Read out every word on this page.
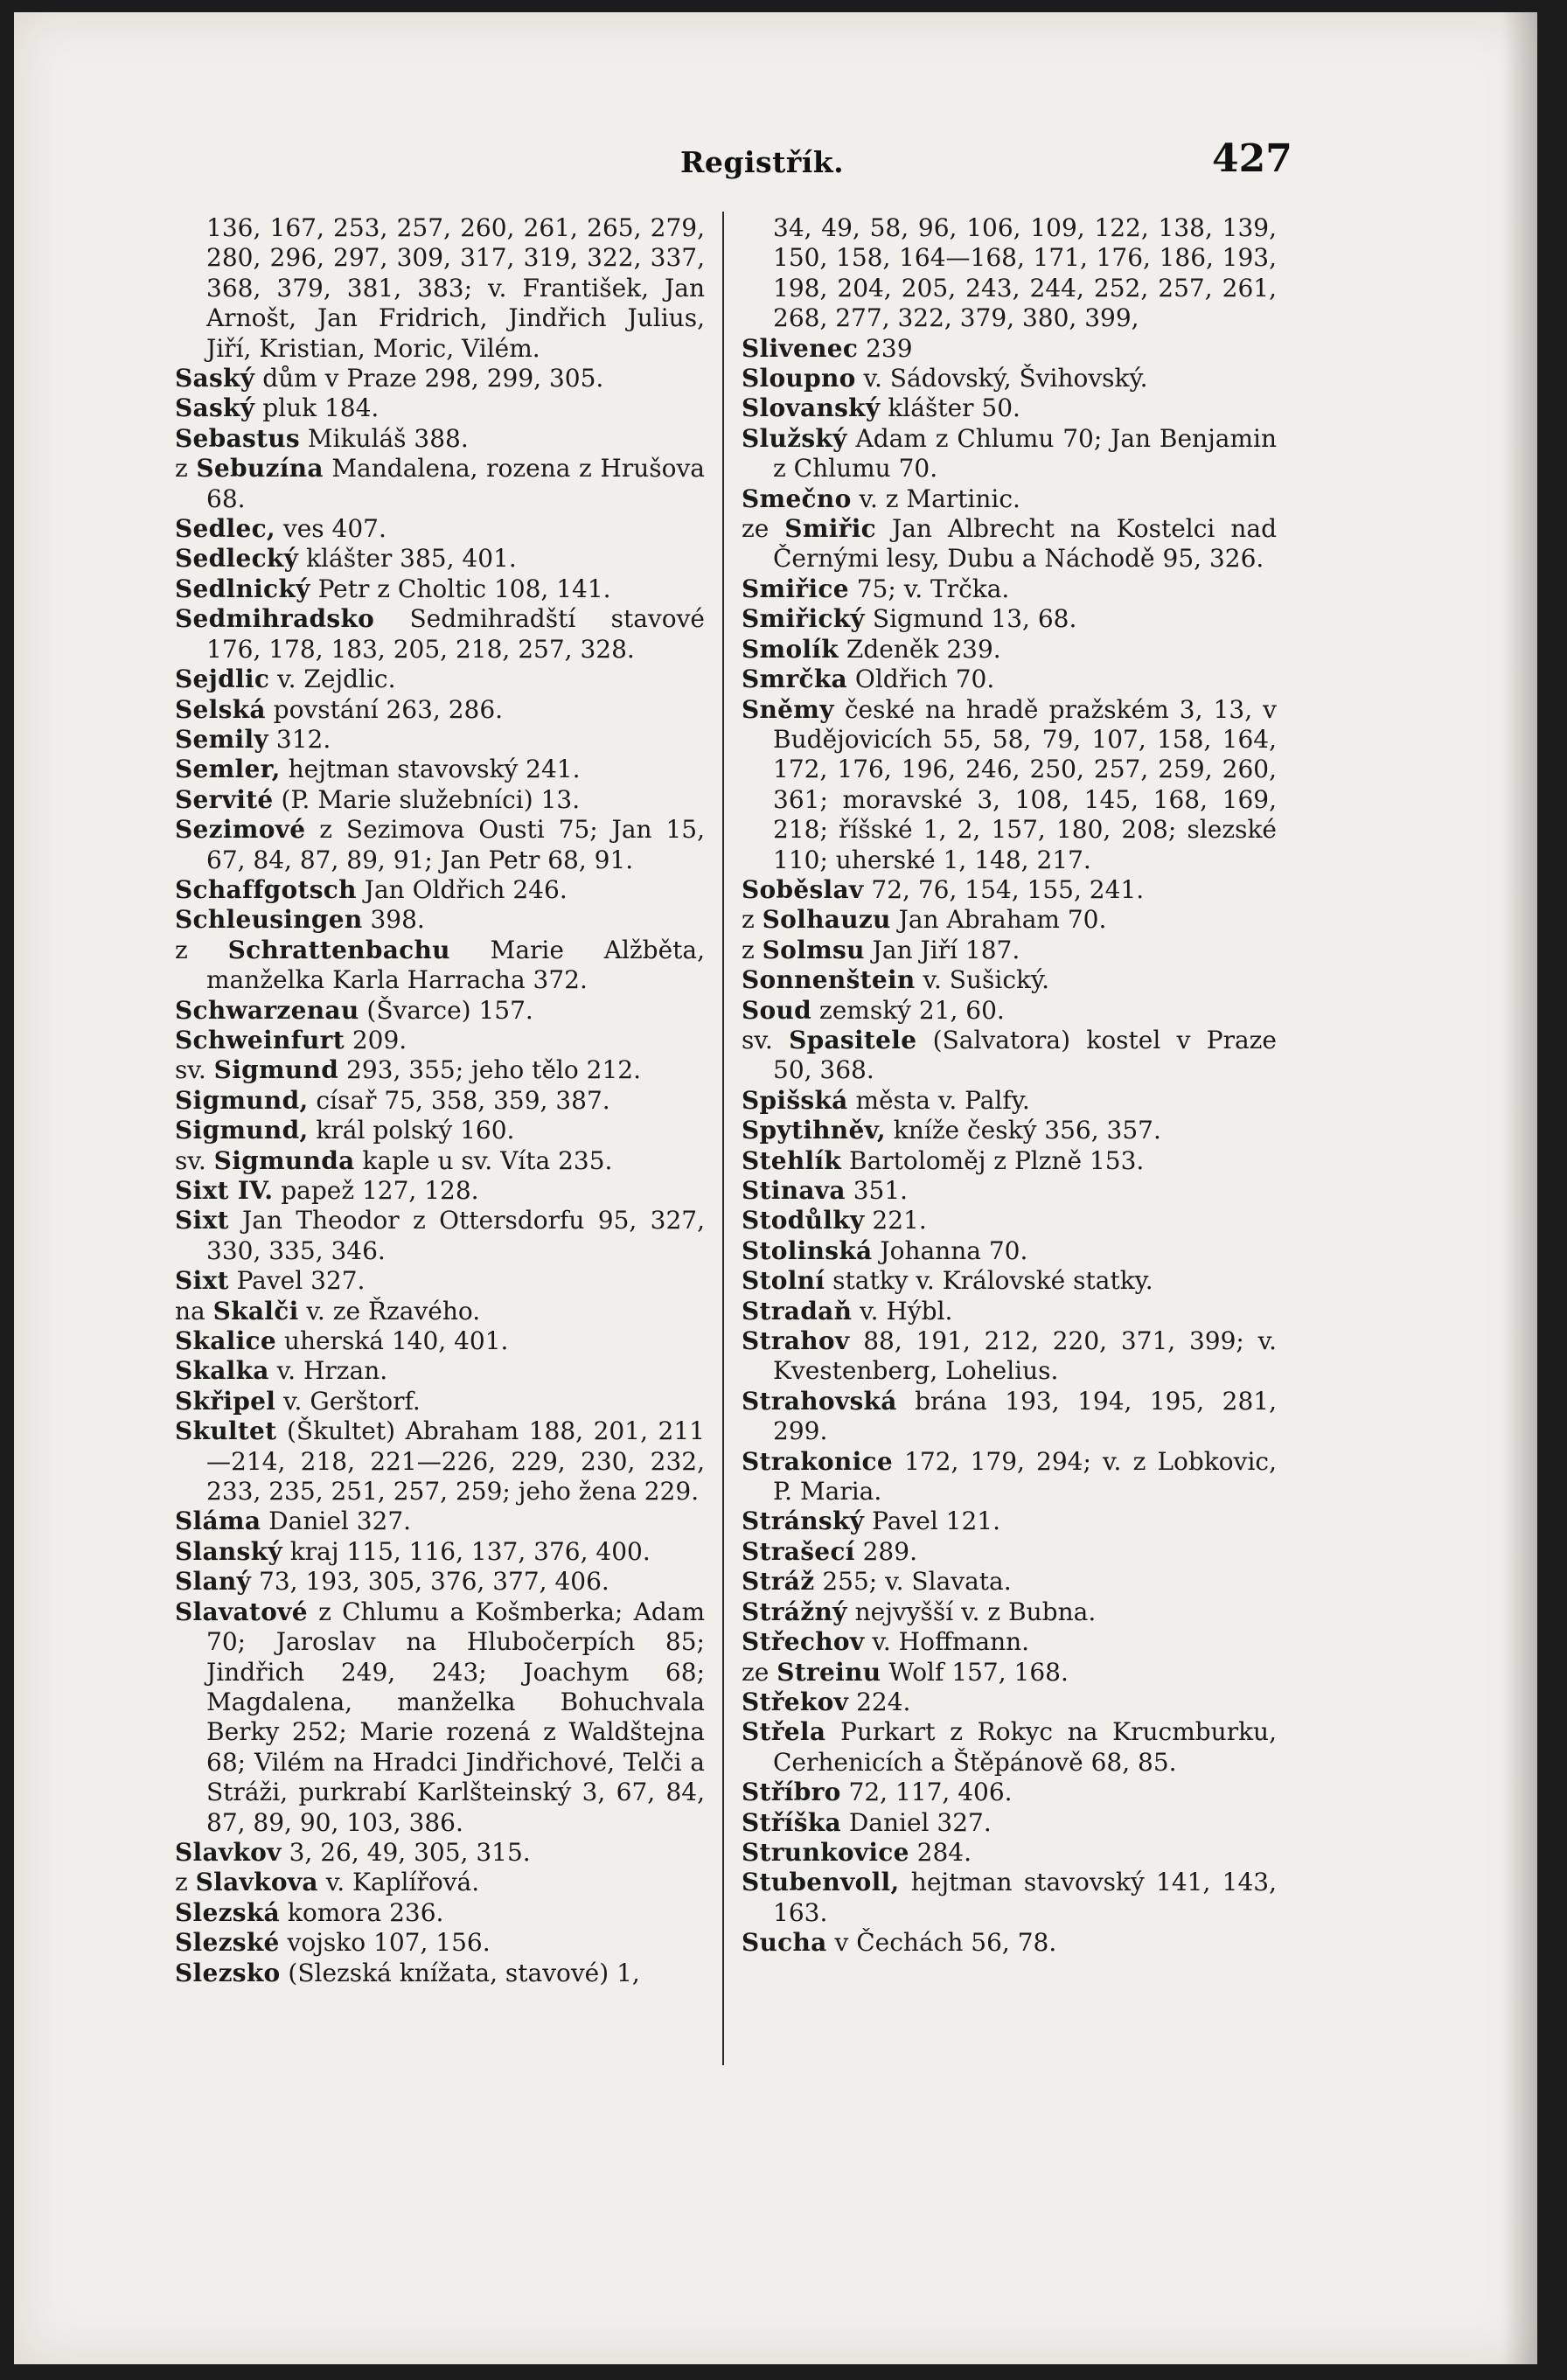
Registřík.	427

136, 167, 253, 257, 260, 261, 265, 279, 280, 296, 297, 309, 317, 319, 322, 337, 368, 379, 381, 383; v. František, Jan Arnošt, Jan Fridrich, Jindřich Julius, Jiří, Kristian, Moric, Vilém.

Saský dům v Praze 298, 299, 305.

Saský pluk 184.

Sebastus Mikuláš 388.

z Sebuzína Mandalena, rozena z Hrušova 68.

Sedlec, ves 407.

Sedlecký klášter 385, 401.

Sedlnický Petr z Choltic 108, 141.

Sedmihradsko Sedmihradští stavové 176, 178, 183, 205, 218, 257, 328.

Sejdlic v. Zejdlic.

Selská povstání 263, 286.

Semily 312.

Semler, hejtman stavovský 241.

Servité (P. Marie služebníci) 13.

Sezimové z Sezimova Ousti 75; Jan 15, 67, 84, 87, 89, 91; Jan Petr 68, 91.

Schaffgotsch Jan Oldřich 246.

Schleusingen 398.

z Schrattenbachu Marie Alžběta, manželka Karla Harracha 372.

Schwarzenau (Švarce) 157.

Schweinfurt 209.

sv. Sigmund 293, 355; jeho tělo 212.

Sigmund, císař 75, 358, 359, 387.

Sigmund, král polský 160.

sv. Sigmunda kaple u sv. Víta 235.

Sixt IV. papež 127, 128.

Sixt Jan Theodor z Ottersdorfu 95, 327, 330, 335, 346.

Sixt Pavel 327.

na Skalči v. ze Řzavého.

Skalice uherská 140, 401.

Skalka v. Hrzan.

Skřipel v. Gerštorf.

Skultet (Škultet) Abraham 188, 201, 211—214, 218, 221—226, 229, 230, 232, 233, 235, 251, 257, 259; jeho žena 229.

Sláma Daniel 327.

Slanský kraj 115, 116, 137, 376, 400.

Slaný 73, 193, 305, 376, 377, 406.

Slavatové z Chlumu a Košmberka; Adam 70; Jaroslav na Hlubočerpích 85; Jindřich 249, 243; Joachym 68; Magdalena, manželka Bohuchvala Berky 252; Marie rozená z Waldštejna 68; Vilém na Hradci Jindřichové, Telči a Stráži, purkrabí Karlšteinský 3, 67, 84, 87, 89, 90, 103, 386.

Slavkov 3, 26, 49, 305, 315.

z Slavkova v. Kaplířová.

Slezská komora 236.

Slezské vojsko 107, 156.

Slezsko (Slezská knížata, stavové) 1,

34, 49, 58, 96, 106, 109, 122, 138, 139, 150, 158, 164—168, 171, 176, 186, 193, 198, 204, 205, 243, 244, 252, 257, 261, 268, 277, 322, 379, 380, 399,

Slivenec 239

Sloupno v. Sádovský, Švihovský.

Slovanský klášter 50.

Služský Adam z Chlumu 70; Jan Benjamin z Chlumu 70.

Smečno v. z Martinic.

ze Smiřic Jan Albrecht na Kostelci nad Černými lesy, Dubu a Náchodě 95, 326.

Smiřice 75; v. Trčka.

Smiřický Sigmund 13, 68.

Smolík Zdeněk 239.

Smrčka Oldřich 70.

Sněmy české na hradě pražském 3, 13, v Budějovicích 55, 58, 79, 107, 158, 164, 172, 176, 196, 246, 250, 257, 259, 260, 361; moravské 3, 108, 145, 168, 169, 218; říšské 1, 2, 157, 180, 208; slezské 110; uherské 1, 148, 217.

Soběslav 72, 76, 154, 155, 241.

z Solhauzu Jan Abraham 70.

z Solmsu Jan Jiří 187.

Sonnenštein v. Sušický.

Soud zemský 21, 60.

sv. Spasitele (Salvatora) kostel v Praze 50, 368.

Spišská města v. Palfy.

Spytihněv, kníže český 356, 357.

Stehlík Bartoloměj z Plzně 153.

Stinava 351.

Stodůlky 221.

Stolinská Johanna 70.

Stolní statky v. Královské statky.

Stradaň v. Hýbl.

Strahov 88, 191, 212, 220, 371, 399; v. Kvestenberg, Lohelius.

Strahovská brána 193, 194, 195, 281, 299.

Strakonice 172, 179, 294; v. z Lobkovic, P. Maria.

Stránský Pavel 121.

Strašecí 289.

Stráž 255; v. Slavata.

Strážný nejvyšší v. z Bubna.

Střechov v. Hoffmann.

ze Streinu Wolf 157, 168.

Střekov 224.

Střela Purkart z Rokyc na Krucmburku, Cerhenicích a Štěpánově 68, 85.

Stříbro 72, 117, 406.

Stříška Daniel 327.

Strunkovice 284.

Stubenvoll, hejtman stavovský 141, 143, 163.

Sucha v Čechách 56, 78.
